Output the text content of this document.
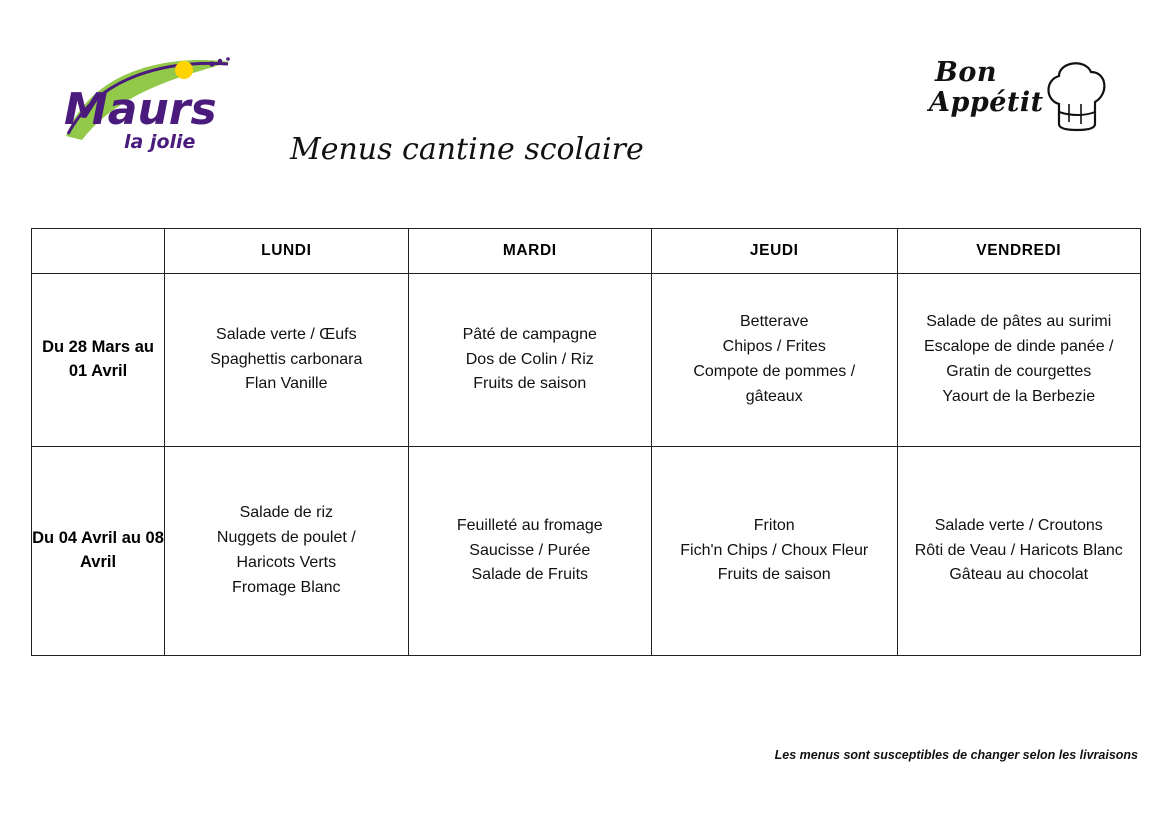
Maurs
la jolie
Bon
Appétit
Menus cantine scolaire
	LUNDI	MARDI	JEUDI	VENDREDI
Du 28 Mars au 01 Avril	Salade verte / Œufs
Spaghettis carbonara
Flan Vanille	Pâté de campagne
Dos de Colin / Riz
Fruits de saison	Betterave
Chipos / Frites
Compote de pommes /
gâteaux	Salade de pâtes au surimi
Escalope de dinde panée /
Gratin de courgettes
Yaourt de la Berbezie

Du 04 Avril au 08 Avril	Salade de riz
Nuggets de poulet /
Haricots Verts
Fromage Blanc	Feuilleté au fromage
Saucisse / Purée
Salade de Fruits	Friton
Fich'n Chips / Choux Fleur
Fruits de saison	Salade verte / Croutons
Rôti de Veau / Haricots Blanc
Gâteau au chocolat
Les menus sont susceptibles de changer selon les livraisons
